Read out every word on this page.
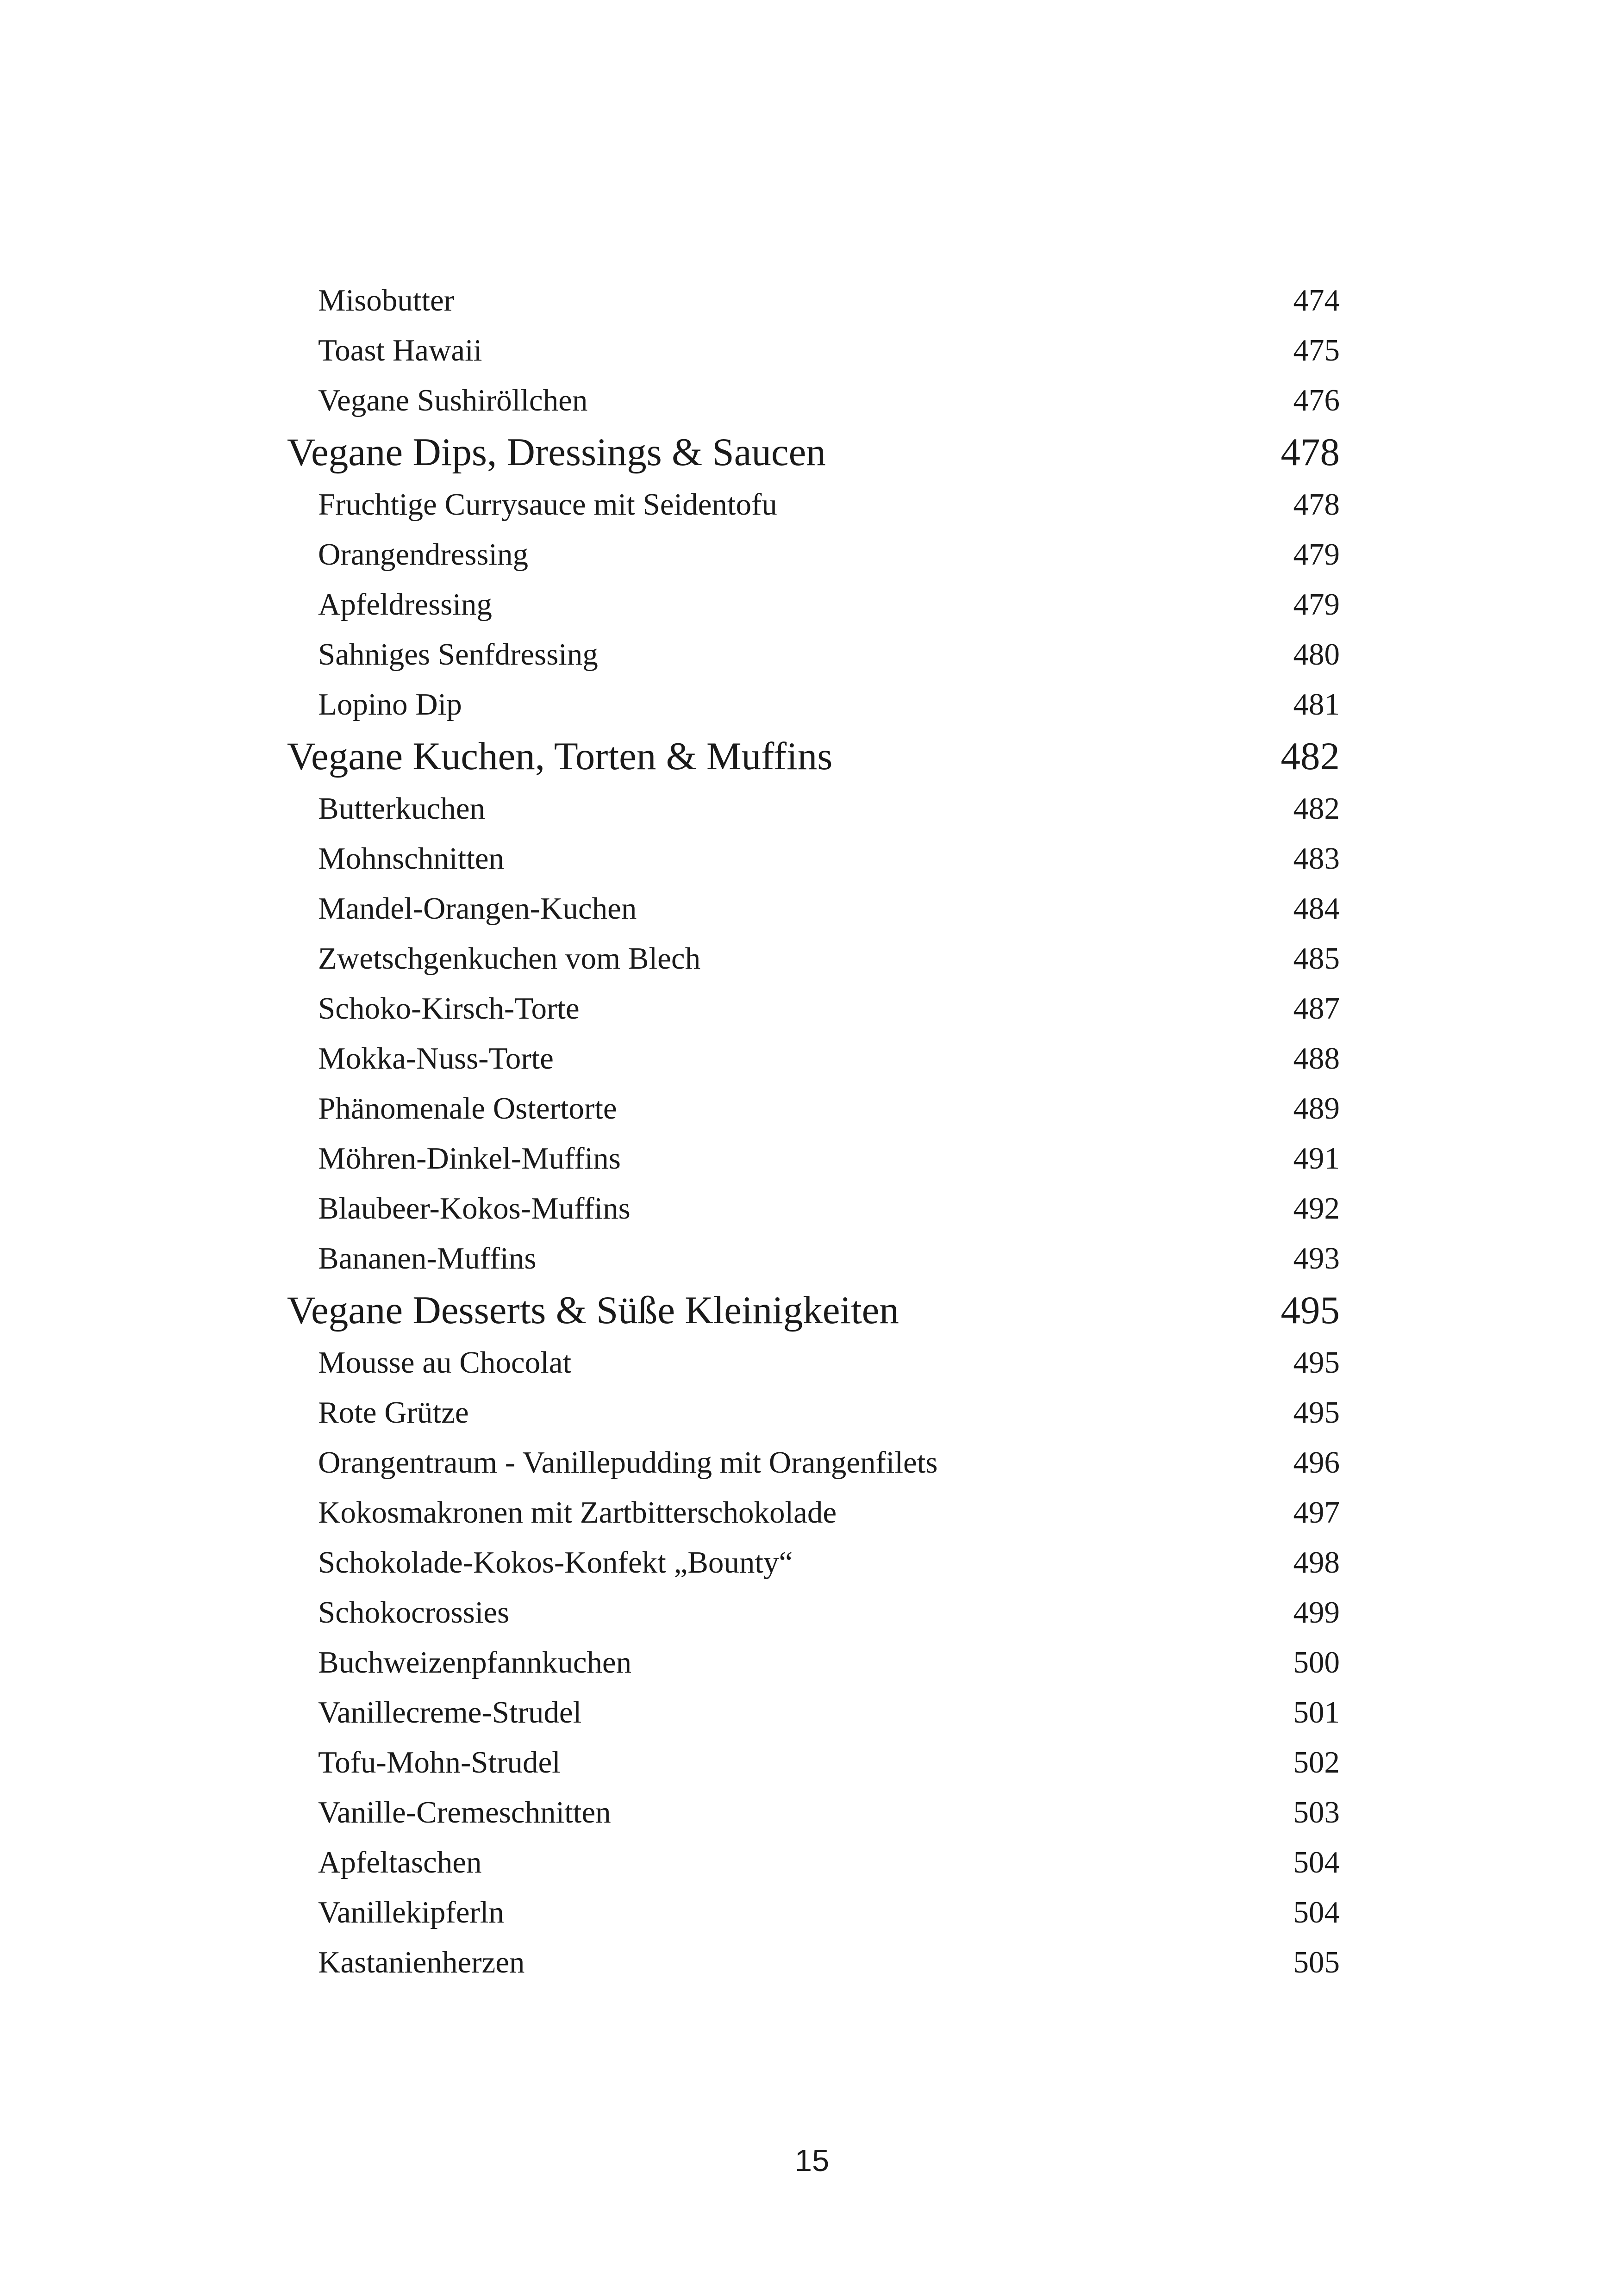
Misobutter	474
Toast Hawaii	475
Vegane Sushiröllchen	476
Vegane Dips, Dressings & Saucen	478
Fruchtige Currysauce mit Seidentofu	478
Orangendressing	479
Apfeldressing	479
Sahniges Senfdressing	480
Lopino Dip	481
Vegane Kuchen, Torten & Muffins	482
Butterkuchen	482
Mohnschnitten	483
Mandel-Orangen-Kuchen	484
Zwetschgenkuchen vom Blech	485
Schoko-Kirsch-Torte	487
Mokka-Nuss-Torte	488
Phänomenale Ostertorte	489
Möhren-Dinkel-Muffins	491
Blaubeer-Kokos-Muffins	492
Bananen-Muffins	493
Vegane Desserts & Süße Kleinigkeiten	495
Mousse au Chocolat	495
Rote Grütze	495
Orangentraum - Vanillepudding mit Orangenfilets	496
Kokosmakronen mit Zartbitterschokolade	497
Schokolade-Kokos-Konfekt „Bounty“	498
Schokocrossies	499
Buchweizenpfannkuchen	500
Vanillecreme-Strudel	501
Tofu-Mohn-Strudel	502
Vanille-Cremeschnitten	503
Apfeltaschen	504
Vanillekipferln	504
Kastanienherzen	505
15
